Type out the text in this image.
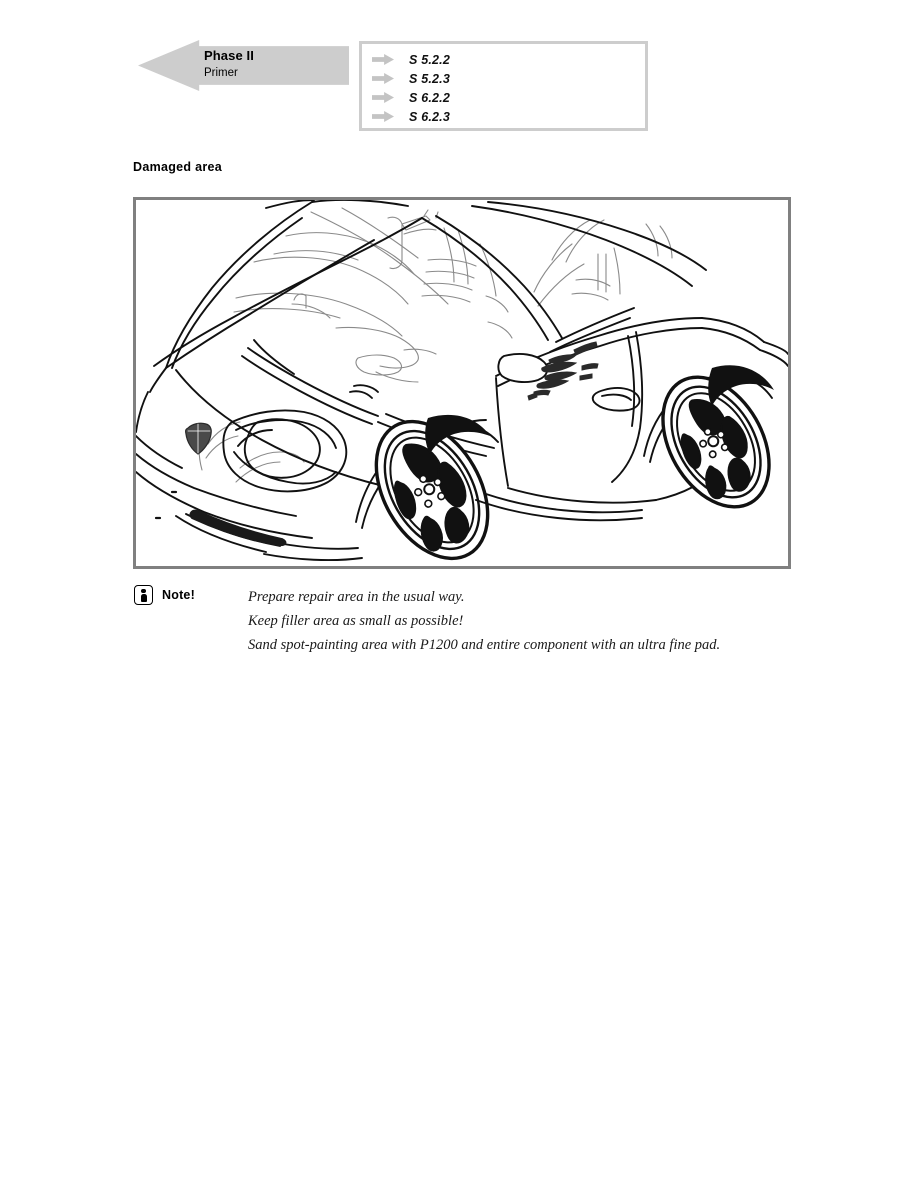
Phase II
Primer
S 5.2.2
S 5.2.3
S 6.2.2
S 6.2.3
Damaged area
Note!	Prepare repair area in the usual way.
Keep filler area as small as possible!
Sand spot-painting area with P1200 and entire component with an ultra fine pad.
